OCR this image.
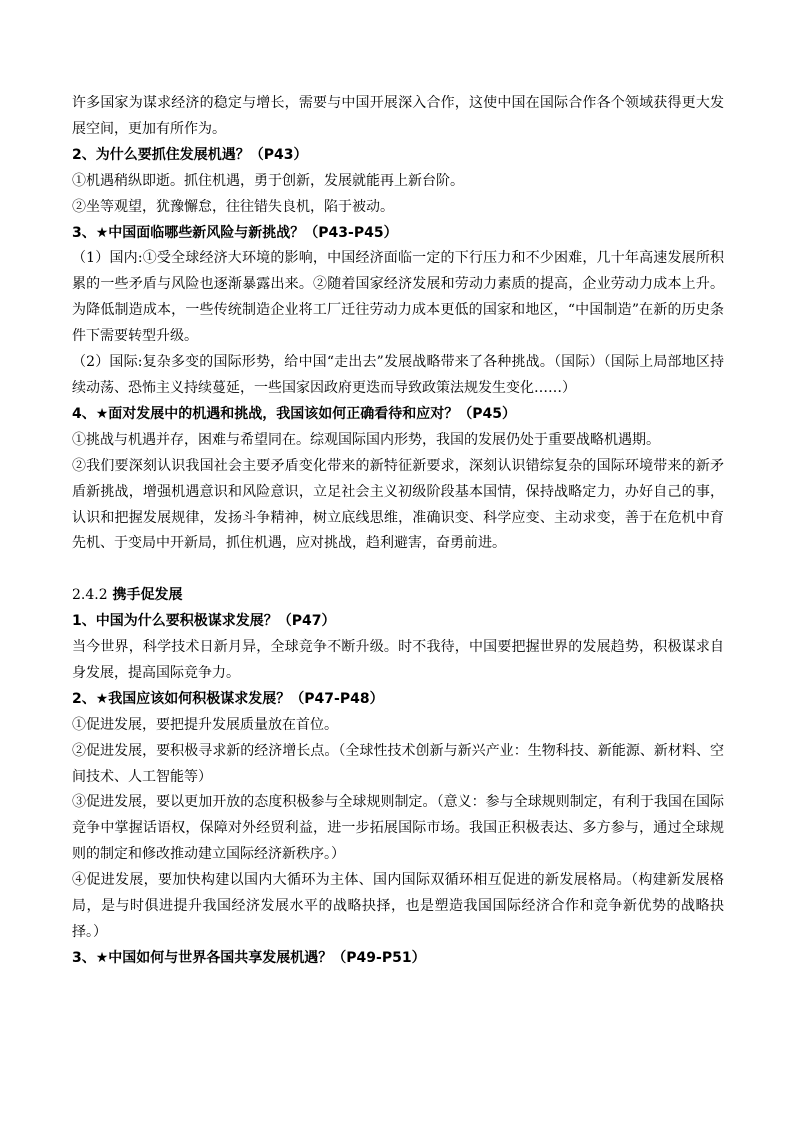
许多国家为谋求经济的稳定与增长，需要与中国开展深入合作，这使中国在国际合作各个领域获得更大发展空间，更加有所作为。

2、为什么要抓住发展机遇？（P43）

①机遇稍纵即逝。抓住机遇，勇于创新，发展就能再上新台阶。

②坐等观望，犹豫懈怠，往往错失良机，陷于被动。

3、★中国面临哪些新风险与新挑战？（P43-P45）

（1）国内:①受全球经济大环境的影响，中国经济面临一定的下行压力和不少困难，几十年高速发展所积累的一些矛盾与风险也逐渐暴露出来。②随着国家经济发展和劳动力素质的提高，企业劳动力成本上升。为降低制造成本，一些传统制造企业将工厂迁往劳动力成本更低的国家和地区，“中国制造”在新的历史条件下需要转型升级。

（2）国际:复杂多变的国际形势，给中国“走出去”发展战略带来了各种挑战。（国际）（国际上局部地区持续动荡、恐怖主义持续蔓延，一些国家因政府更迭而导致政策法规发生变化……）

4、★面对发展中的机遇和挑战，我国该如何正确看待和应对？（P45）

①挑战与机遇并存，困难与希望同在。综观国际国内形势，我国的发展仍处于重要战略机遇期。

②我们要深刻认识我国社会主要矛盾变化带来的新特征新要求，深刻认识错综复杂的国际环境带来的新矛盾新挑战，增强机遇意识和风险意识，立足社会主义初级阶段基本国情，保持战略定力，办好自己的事，认识和把握发展规律，发扬斗争精神，树立底线思维，准确识变、科学应变、主动求变，善于在危机中育先机、于变局中开新局，抓住机遇，应对挑战，趋利避害，奋勇前进。

2.4.2 携手促发展

1、中国为什么要积极谋求发展？（P47）

当今世界，科学技术日新月异，全球竞争不断升级。时不我待，中国要把握世界的发展趋势，积极谋求自身发展，提高国际竞争力。

2、★我国应该如何积极谋求发展？（P47-P48）

①促进发展，要把提升发展质量放在首位。

②促进发展，要积极寻求新的经济增长点。（全球性技术创新与新兴产业：生物科技、新能源、新材料、空间技术、人工智能等）

③促进发展，要以更加开放的态度积极参与全球规则制定。（意义：参与全球规则制定，有利于我国在国际竞争中掌握话语权，保障对外经贸利益，进一步拓展国际市场。我国正积极表达、多方参与，通过全球规则的制定和修改推动建立国际经济新秩序。）

④促进发展，要加快构建以国内大循环为主体、国内国际双循环相互促进的新发展格局。（构建新发展格局，是与时俱进提升我国经济发展水平的战略抉择，也是塑造我国国际经济合作和竞争新优势的战略抉择。）

3、★中国如何与世界各国共享发展机遇？（P49-P51）
